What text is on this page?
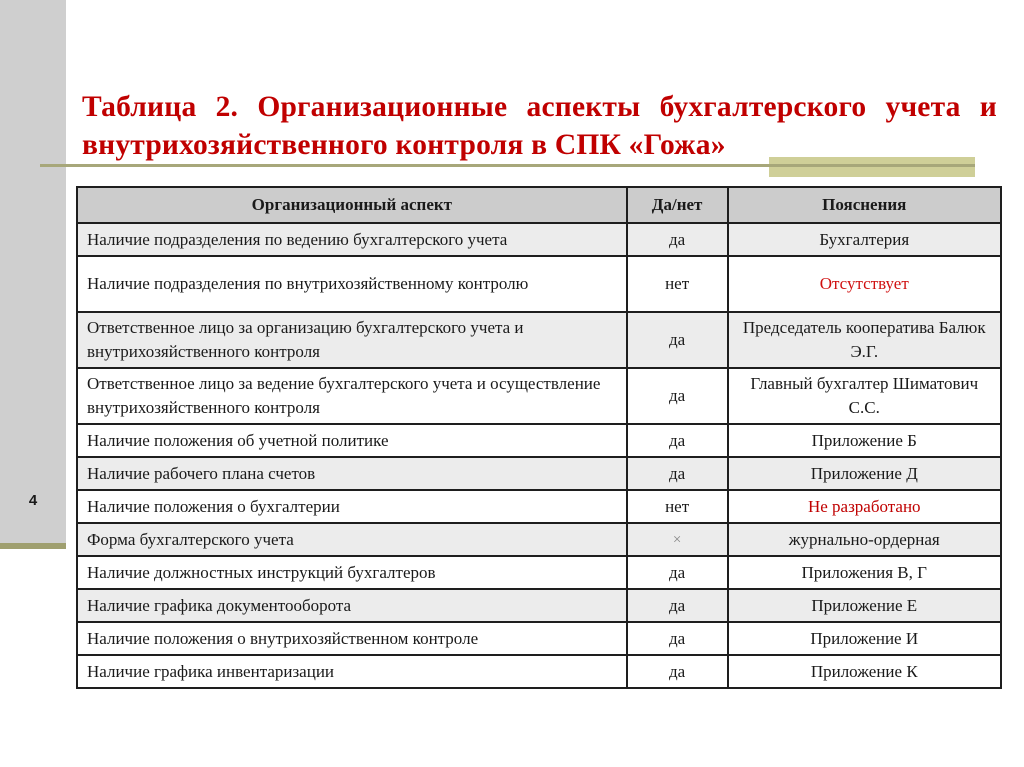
4
Таблица 2. Организационные аспекты бухгалтерского учета и внутрихозяйственного контроля в СПК «Гожа»
Организационный аспект	Да/нет	Пояснения
Наличие подразделения по ведению бухгалтерского учета	да	Бухгалтерия
Наличие подразделения по внутрихозяйственному контролю	нет	Отсутствует
Ответственное лицо за организацию бухгалтерского учета и внутрихозяйственного контроля	да	Председатель кооператива Балюк Э.Г.
Ответственное лицо за ведение бухгалтерского учета и осуществление внутрихозяйственного контроля	да	Главный бухгалтер Шиматович С.С.
Наличие положения об учетной политике	да	Приложение Б
Наличие рабочего плана счетов	да	Приложение Д
Наличие положения о бухгалтерии	нет	Не разработано
Форма бухгалтерского учета	×	журнально-ордерная
Наличие должностных инструкций бухгалтеров	да	Приложения В, Г
Наличие графика документооборота	да	Приложение Е
Наличие положения о внутрихозяйственном контроле	да	Приложение И
Наличие графика инвентаризации	да	Приложение К
